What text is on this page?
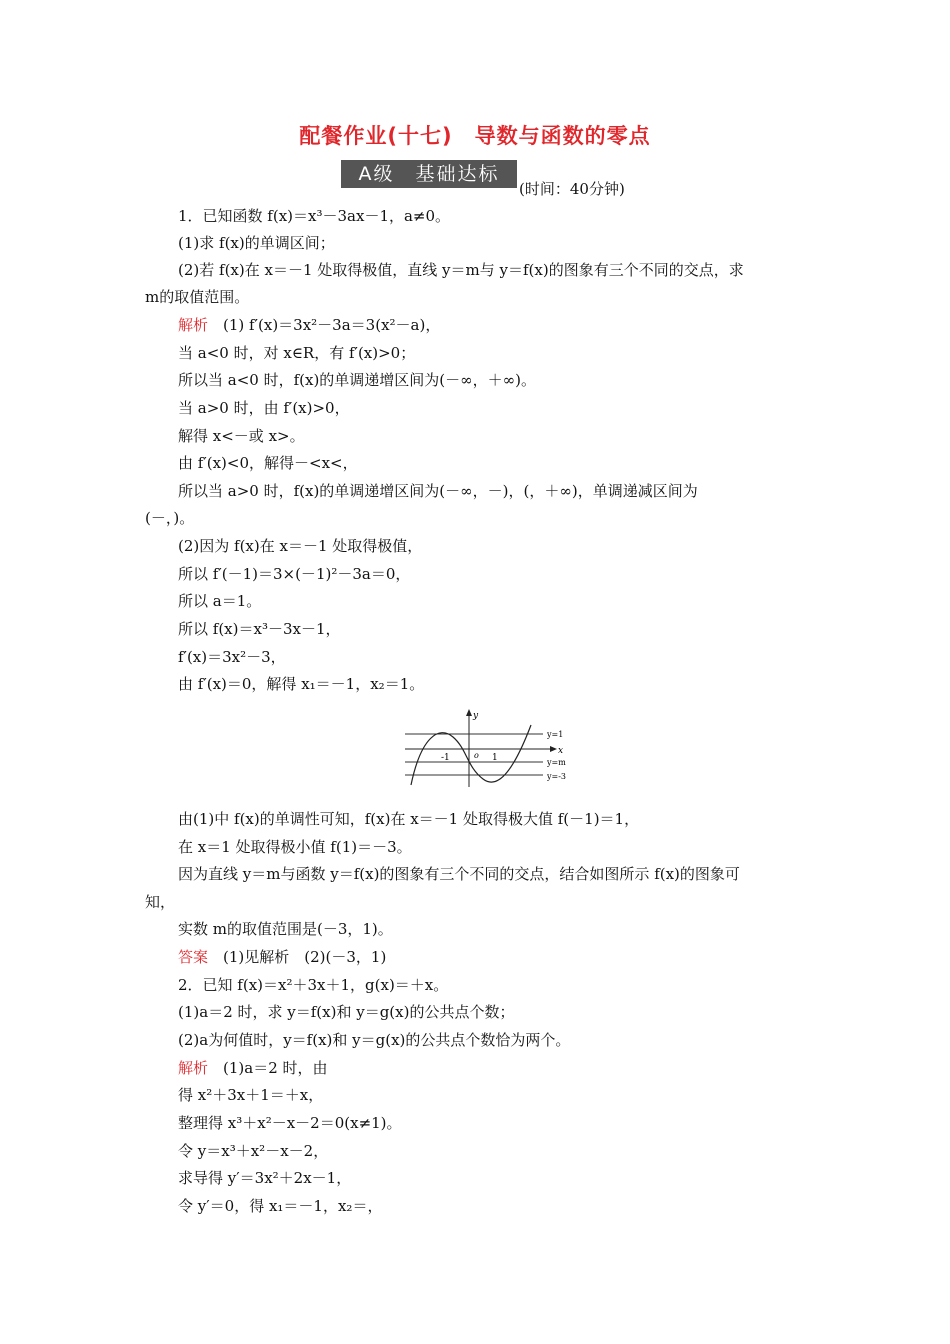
配餐作业(十七)　导数与函数的零点
A级　基础达标
(时间：40分钟)
1．已知函数 f(x)＝x³－3ax－1，a≠0。
(1)求 f(x)的单调区间；
(2)若 f(x)在 x＝－1 处取得极值，直线 y＝m与 y＝f(x)的图象有三个不同的交点，求
m的取值范围。
解析　 (1) f′(x)＝3x²－3a＝3(x²－a)，
当 a<0 时，对 x∈R，有 f′(x)>0；
所以当 a<0 时，f(x)的单调递增区间为(－∞，＋∞)。
当 a>0 时，由 f′(x)>0，
解得 x<－或 x>。
由 f′(x)<0，解得－<x<，
所以当 a>0 时，f(x)的单调递增区间为(－∞，－)，(，＋∞)，单调递减区间为
(－，)。
(2)因为 f(x)在 x＝－1 处取得极值，
所以 f′(－1)＝3×(－1)²－3a＝0，
所以 a＝1。
所以 f(x)＝x³－3x－1，
f′(x)＝3x²－3，
由 f′(x)＝0，解得 x₁＝－1，x₂＝1。
y
x
-1	o 1
y=1
y=m
y=-3
由(1)中 f(x)的单调性可知，f(x)在 x＝－1 处取得极大值 f(－1)＝1，
在 x＝1 处取得极小值 f(1)＝－3。
因为直线 y＝m与函数 y＝f(x)的图象有三个不同的交点，结合如图所示 f(x)的图象可
知，
实数 m的取值范围是(－3，1)。
答案　 (1)见解析　(2)(－3，1)
2．已知 f(x)＝x²＋3x＋1，g(x)＝＋x。
(1)a＝2 时，求 y＝f(x)和 y＝g(x)的公共点个数；
(2)a为何值时，y＝f(x)和 y＝g(x)的公共点个数恰为两个。
解析　 (1)a＝2 时，由
得 x²＋3x＋1＝＋x，
整理得 x³＋x²－x－2＝0(x≠1)。
令 y＝x³＋x²－x－2，
求导得 y′＝3x²＋2x－1，
令 y′＝0，得 x₁＝－1，x₂＝，
